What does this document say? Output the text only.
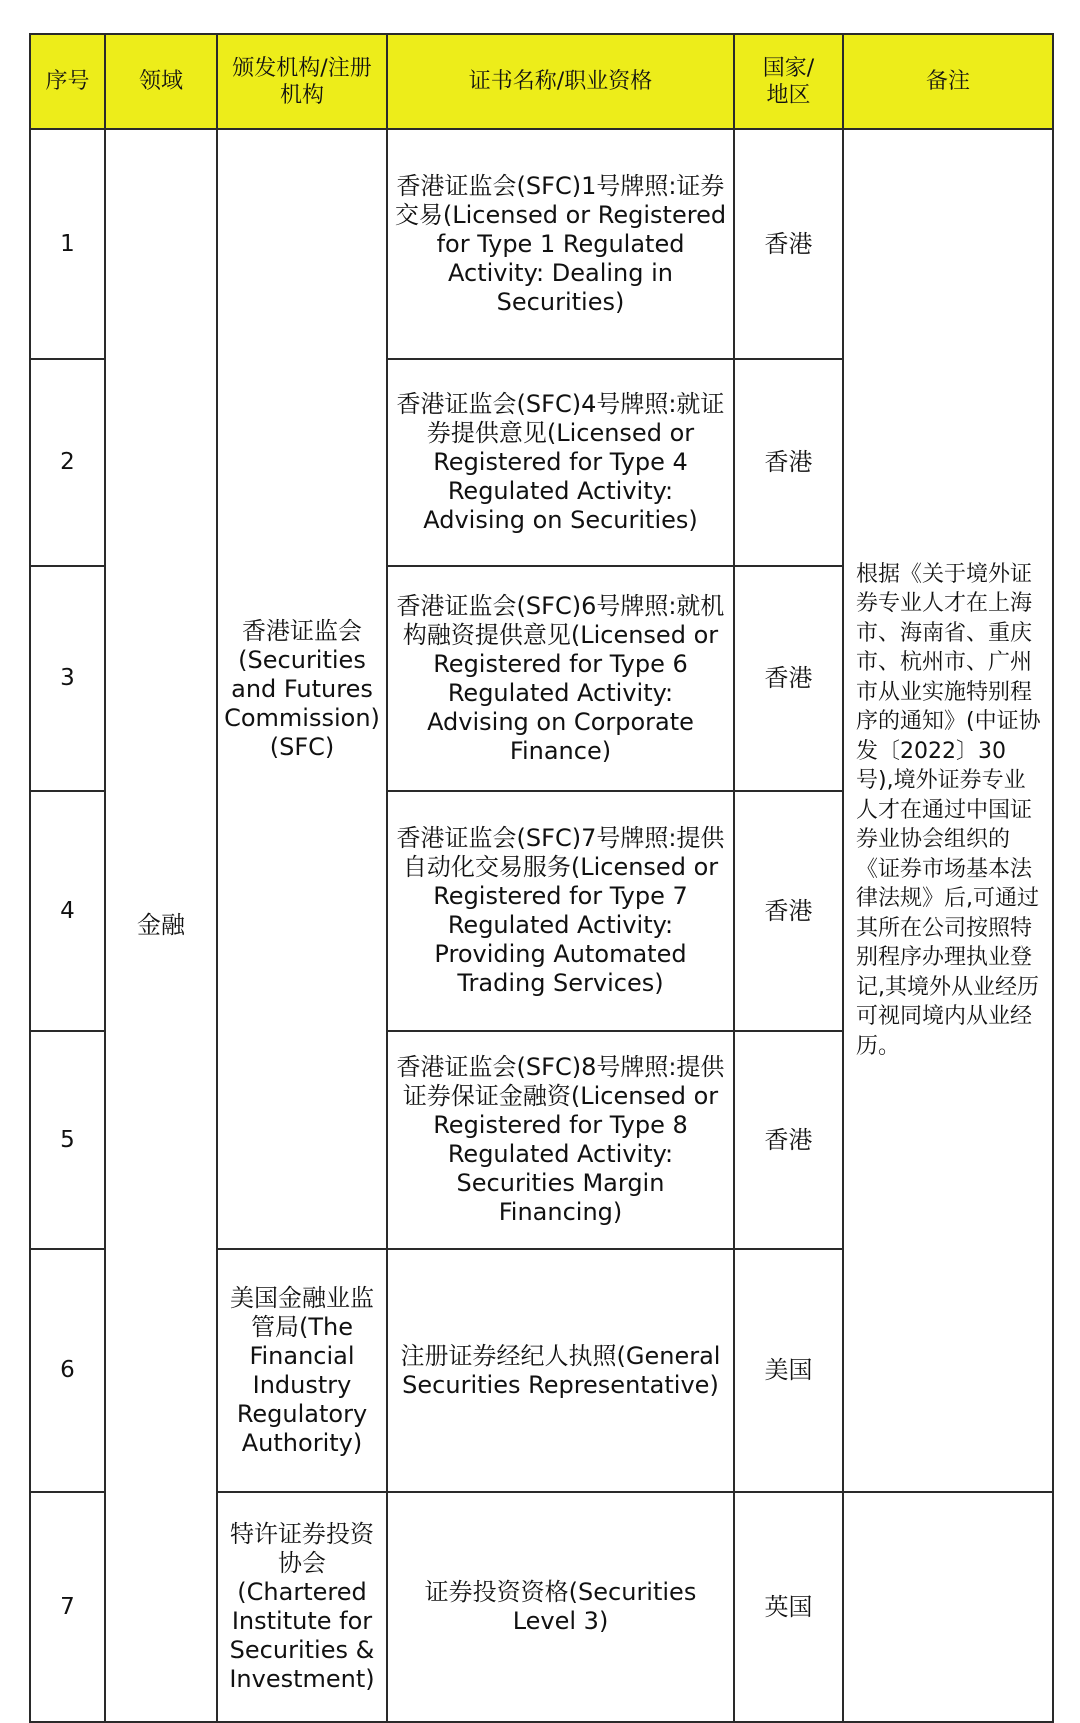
序号	领域	颁发机构/注册机构	证书名称/职业资格	国家/地区	备注
1	金融	香港证监会(Securities and Futures Commission)(SFC)	香港证监会(SFC)1号牌照:证券交易(Licensed or Registered for Type 1 Regulated Activity: Dealing in Securities)	香港	根据《关于境外证券专业人才在上海市、海南省、重庆市、杭州市、广州市从业实施特别程序的通知》(中证协发〔2022〕30号),境外证券专业人才在通过中国证券业协会组织的《证券市场基本法律法规》后,可通过其所在公司按照特别程序办理执业登记,其境外从业经历可视同境内从业经历。
2			香港证监会(SFC)4号牌照:就证券提供意见(Licensed or Registered for Type 4 Regulated Activity: Advising on Securities)	香港	
3			香港证监会(SFC)6号牌照:就机构融资提供意见(Licensed or Registered for Type 6 Regulated Activity: Advising on Corporate Finance)	香港	
4			香港证监会(SFC)7号牌照:提供自动化交易服务(Licensed or Registered for Type 7 Regulated Activity: Providing Automated Trading Services)	香港	
5			香港证监会(SFC)8号牌照:提供证券保证金融资(Licensed or Registered for Type 8 Regulated Activity: Securities Margin Financing)	香港	
6		美国金融业监管局(The Financial Industry Regulatory Authority)	注册证券经纪人执照(General Securities Representative)	美国	
7		特许证券投资协会(Chartered Institute for Securities & Investment)	证券投资资格(Securities Level 3)	英国	
